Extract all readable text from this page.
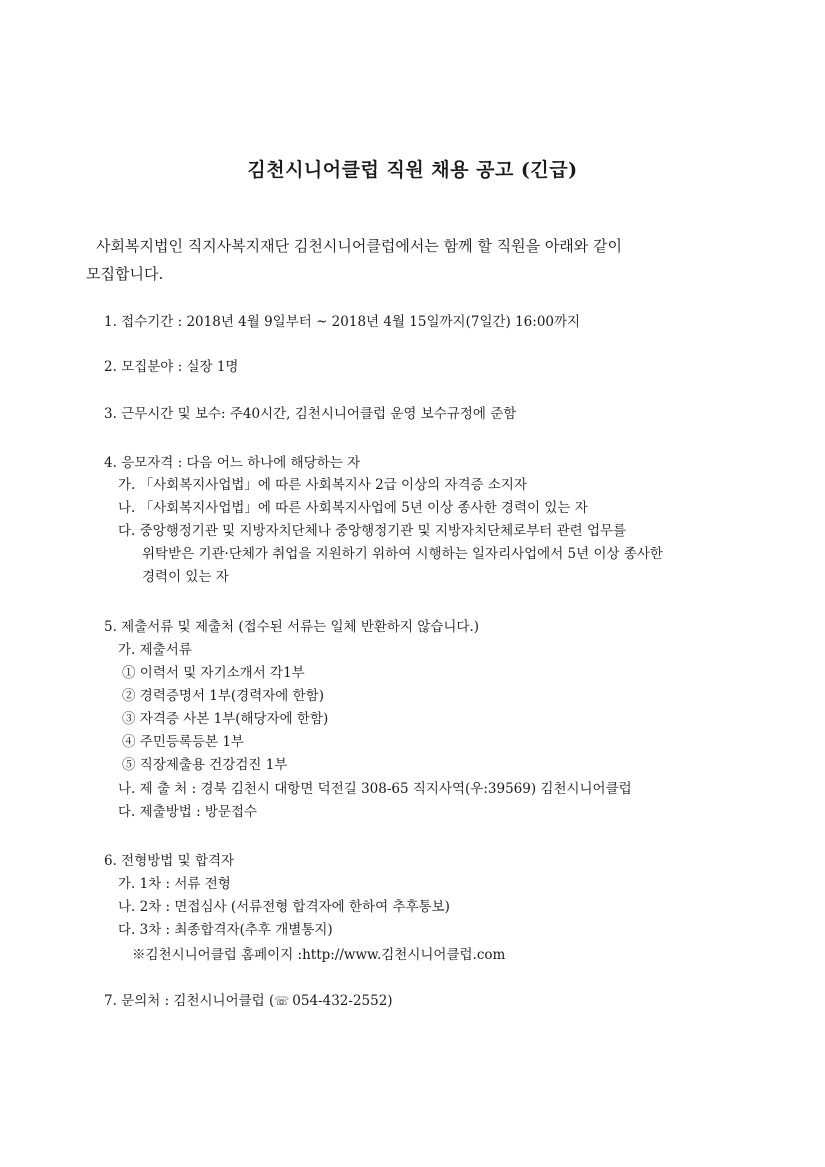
김천시니어클럽 직원 채용 공고 (긴급)
사회복지법인 직지사복지재단 김천시니어클럽에서는 함께 할 직원을 아래와 같이
모집합니다.
1. 접수기간 : 2018년 4월 9일부터 ~ 2018년 4월 15일까지(7일간) 16:00까지
2. 모집분야 : 실장 1명
3. 근무시간 및 보수: 주40시간, 김천시니어클럽 운영 보수규정에 준함
4. 응모자격 : 다음 어느 하나에 해당하는 자
가. 「사회복지사업법」에 따른 사회복지사 2급 이상의 자격증 소지자
나. 「사회복지사업법」에 따른 사회복지사업에 5년 이상 종사한 경력이 있는 자
다. 중앙행정기관 및 지방자치단체나 중앙행정기관 및 지방자치단체로부터 관련 업무를
위탁받은 기관·단체가 취업을 지원하기 위하여 시행하는 일자리사업에서 5년 이상 종사한
경력이 있는 자
5. 제출서류 및 제출처 (접수된 서류는 일체 반환하지 않습니다.)
가. 제출서류
① 이력서 및 자기소개서 각1부
② 경력증명서 1부(경력자에 한함)
③ 자격증 사본 1부(해당자에 한함)
④ 주민등록등본 1부
⑤ 직장제출용 건강검진 1부
나. 제 출 처 : 경북 김천시 대항면 덕전길 308-65 직지사역(우:39569) 김천시니어클럽
다. 제출방법 : 방문접수
6. 전형방법 및 합격자
가. 1차 : 서류 전형
나. 2차 : 면접심사 (서류전형 합격자에 한하여 추후통보)
다. 3차 : 최종합격자(추후 개별통지)
※김천시니어클럽 홈페이지 :http://www.김천시니어클럽.com
7. 문의처 : 김천시니어클럽 (☏ 054-432-2552)
